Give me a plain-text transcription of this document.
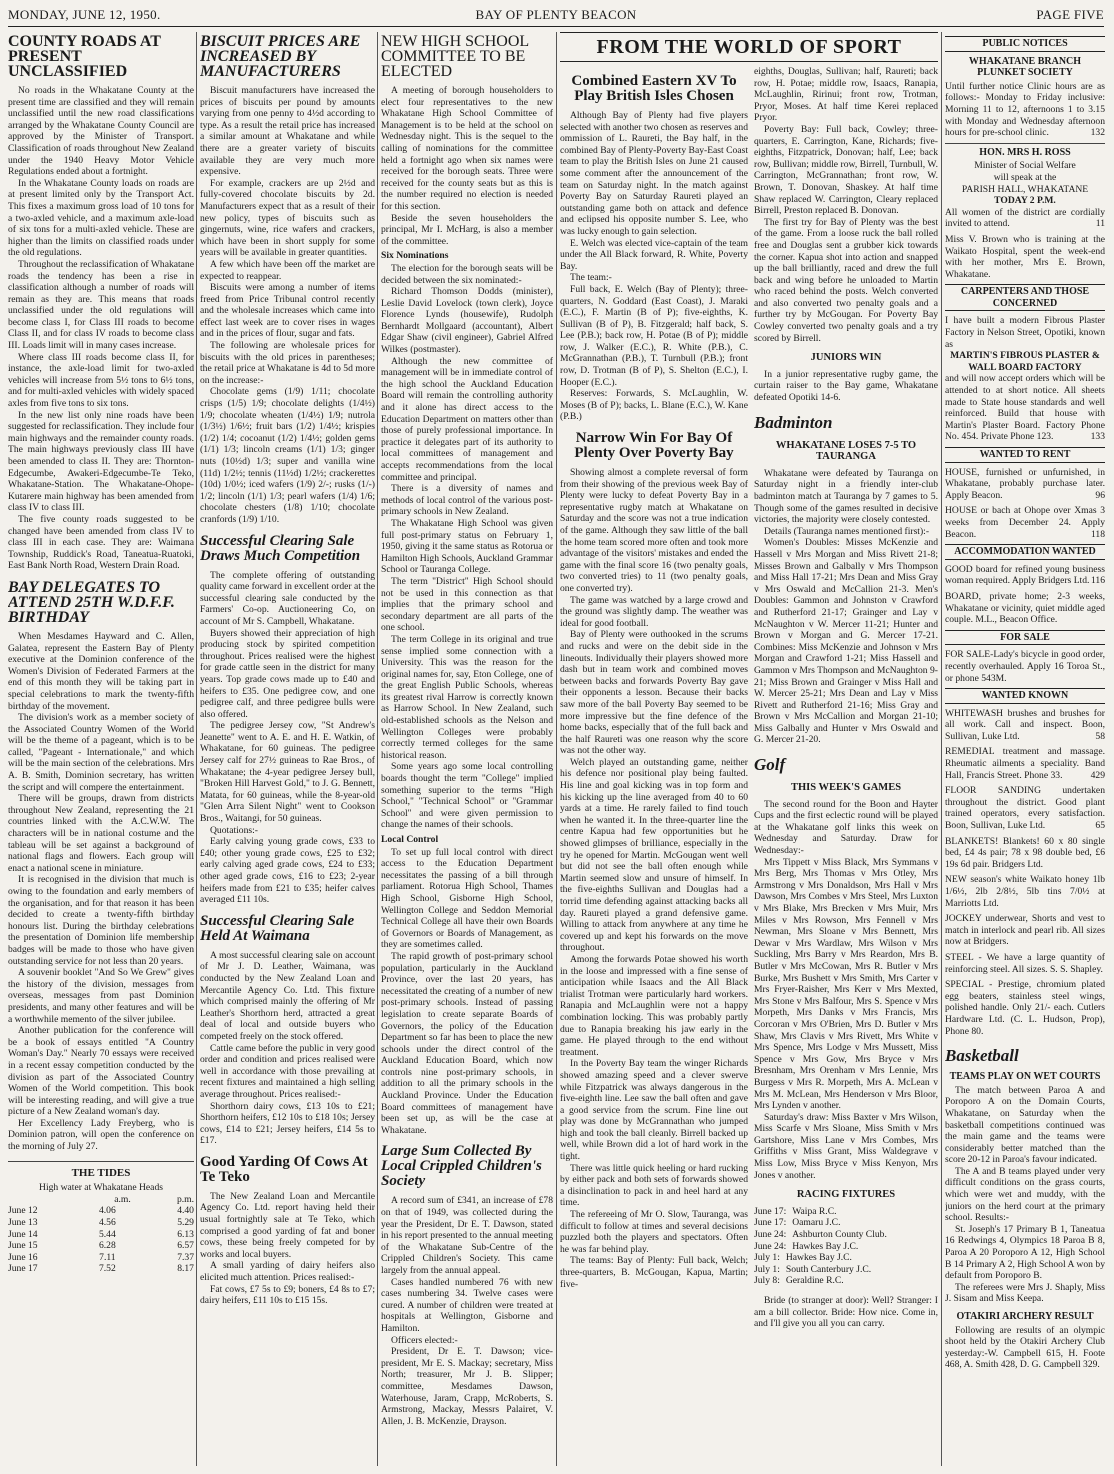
MONDAY, JUNE 12, 1950.	BAY OF PLENTY BEACON	PAGE FIVE
COUNTY ROADS AT PRESENT UNCLASSIFIED

No roads in the Whakatane County at the present time are classified and they will remain unclassified until the new road classifications arranged by the Whakatane County Council are approved by the Minister of Transport. Classification of roads throughout New Zealand under the 1940 Heavy Motor Vehicle Regulations ended about a fortnight.

In the Whakatane County loads on roads are at present limited only by the Transport Act. This fixes a maximum gross load of 10 tons for a two-axled vehicle, and a maximum axle-load of six tons for a multi-axled vehicle. These are higher than the limits on classified roads under the old regulations.

Throughout the reclassification of Whakatane roads the tendency has been a rise in classification although a number of roads will remain as they are. This means that roads unclassified under the old regulations will become class I, for Class III roads to become Class II, and for class IV roads to become class III. Loads limit will in many cases increase.

Where class III roads become class II, for instance, the axle-load limit for two-axled vehicles will increase from 5½ tons to 6½ tons, and for multi-axled vehicles with widely spaced axles from five tons to six tons.

In the new list only nine roads have been suggested for reclassification. They include four main highways and the remainder county roads. The main highways previously class III have been amended to class II. They are: Thornton-Edgecumbe, Awakeri-Edgecumbe-Te Teko, Whakatane-Station. The Whakatane-Ohope-Kutarere main highway has been amended from class IV to class III.

The five county roads suggested to be changed have been amended from class IV to class III in each case. They are: Waimana Township, Ruddick's Road, Taneatua-Ruatoki, East Bank North Road, Western Drain Road.

BAY DELEGATES TO ATTEND 25TH W.D.F.F. BIRTHDAY

When Mesdames Hayward and C. Allen, Galatea, represent the Eastern Bay of Plenty executive at the Dominion conference of the Women's Division of Federated Farmers at the end of this month they will be taking part in special celebrations to mark the twenty-fifth birthday of the movement.

The division's work as a member society of the Associated Country Women of the World will be the theme of a pageant, which is to be called, "Pageant - Internationale," and which will be the main section of the celebrations. Mrs A. B. Smith, Dominion secretary, has written the script and will compere the entertainment.

There will be groups, drawn from districts throughout New Zealand, representing the 21 countries linked with the A.C.W.W. The characters will be in national costume and the tableau will be set against a background of national flags and flowers. Each group will enact a national scene in miniature.

It is recognised in the division that much is owing to the foundation and early members of the organisation, and for that reason it has been decided to create a twenty-fifth birthday honours list. During the birthday celebrations the presentation of Dominion life membership badges will be made to those who have given outstanding service for not less than 20 years.

A souvenir booklet "And So We Grew" gives the history of the division, messages from overseas, messages from past Dominion presidents, and many other features and will be a worthwhile memento of the silver jubilee.

Another publication for the conference will be a book of essays entitled "A Country Woman's Day." Nearly 70 essays were received in a recent essay competition conducted by the division as part of the Associated Country Women of the World competition. This book will be interesting reading, and will give a true picture of a New Zealand woman's day.

Her Excellency Lady Freyberg, who is Dominion patron, will open the conference on the morning of July 27.

THE TIDES
High water at Whakatane Heads
a.m.	p.m.
June 12	4.06	4.40
June 13	4.56	5.29
June 14	5.44	6.13
June 15	6.28	6.57
June 16	7.11	7.37
June 17	7.52	8.17
BISCUIT PRICES ARE INCREASED BY MANUFACTURERS

Biscuit manufacturers have increased the prices of biscuits per pound by amounts varying from one penny to 4½d according to type. As a result the retail price has increased a similar amount at Whakatane and while there are a greater variety of biscuits available they are very much more expensive.

For example, crackers are up 2½d and fully-covered chocolate biscuits by 2d. Manufacturers expect that as a result of their new policy, types of biscuits such as gingernuts, wine, rice wafers and crackers, which have been in short supply for some years will be available in greater quantities.

A few which have been off the market are expected to reappear.

Biscuits were among a number of items freed from Price Tribunal control recently and the wholesale increases which came into effect last week are to cover rises in wages and in the prices of flour, sugar and fats.

The following are wholesale prices for biscuits with the old prices in parentheses; the retail price at Whakatane is 4d to 5d more on the increase:-

Chocolate gems (1/9) 1/11; chocolate crisps (1/5) 1/9; chocolate delights (1/4½) 1/9; chocolate wheaten (1/4½) 1/9; nutrola (1/3½) 1/6½; fruit bars (1/2) 1/4½; krispies (1/2) 1/4; cocoanut (1/2) 1/4½; golden gems (1/1) 1/3; lincoln creams (1/1) 1/3; ginger nuts (10½d) 1/3; super and vanilla wine (11d) 1/2½; tennis (11½d) 1/2½; crackerettes (10d) 1/0½; iced wafers (1/9) 2/-; rusks (1/-) 1/2; lincoln (1/1) 1/3; pearl wafers (1/4) 1/6; chocolate chesters (1/8) 1/10; chocolate cranfords (1/9) 1/10.

Successful Clearing Sale Draws Much Competition

The complete offering of outstanding quality came forward in excellent order at the successful clearing sale conducted by the Farmers' Co-op. Auctioneering Co, on account of Mr S. Campbell, Whakatane.

Buyers showed their appreciation of high producing stock by spirited competition throughout. Prices realised were the highest for grade cattle seen in the district for many years. Top grade cows made up to £40 and heifers to £35. One pedigree cow, and one pedigree calf, and three pedigree bulls were also offered.

The pedigree Jersey cow, "St Andrew's Jeanette" went to A. E. and H. E. Watkin, of Whakatane, for 60 guineas. The pedigree Jersey calf for 27½ guineas to Rae Bros., of Whakatane; the 4-year pedigree Jersey bull, "Broken Hill Harvest Gold," to J. G. Bennett, Matata, for 60 guineas, while the 8-year-old "Glen Arra Silent Night" went to Cookson Bros., Waitangi, for 50 guineas.

Quotations:-

Early calving young grade cows, £33 to £40; other young grade cows, £25 to £32; early calving aged grade cows, £24 to £33; other aged grade cows, £16 to £23; 2-year heifers made from £21 to £35; heifer calves averaged £11 10s.

Successful Clearing Sale Held At Waimana

A most successful clearing sale on account of Mr J. D. Leather, Waimana, was conducted by the New Zealand Loan and Mercantile Agency Co. Ltd. This fixture which comprised mainly the offering of Mr Leather's Shorthorn herd, attracted a great deal of local and outside buyers who competed freely on the stock offered.

Cattle came before the public in very good order and condition and prices realised were well in accordance with those prevailing at recent fixtures and maintained a high selling average throughout. Prices realised:-

Shorthorn dairy cows, £13 10s to £21; Shorthorn heifers, £12 10s to £18 10s; Jersey cows, £14 to £21; Jersey heifers, £14 5s to £17.

Good Yarding Of Cows At Te Teko

The New Zealand Loan and Mercantile Agency Co. Ltd. report having held their usual fortnightly sale at Te Teko, which comprised a good yarding of fat and boner cows, these being freely competed for by works and local buyers.

A small yarding of dairy heifers also elicited much attention. Prices realised:-

Fat cows, £7 5s to £9; boners, £4 8s to £7; dairy heifers, £11 10s to £15 15s.

NEW HIGH SCHOOL COMMITTEE TO BE ELECTED

A meeting of borough householders to elect four representatives to the new Whakatane High School Committee of Management is to be held at the school on Wednesday night. This is the sequel to the calling of nominations for the committee held a fortnight ago when six names were received for the borough seats. Three were received for the county seats but as this is the number required no election is needed for this section.

Beside the seven householders the principal, Mr I. McHarg, is also a member of the committee.

Six Nominations

The election for the borough seats will be decided between the six nominated:-

Richard Thomson Dodds (minister), Leslie David Lovelock (town clerk), Joyce Florence Lynds (housewife), Rudolph Bernhardt Mollgaard (accountant), Albert Edgar Shaw (civil engineer), Gabriel Alfred Wilkes (postmaster).

Although the new committee of management will be in immediate control of the high school the Auckland Education Board will remain the controlling authority and it alone has direct access to the Education Department on matters other than those of purely professional importance. In practice it delegates part of its authority to local committees of management and accepts recommendations from the local committee and principal.

There is a diversity of names and methods of local control of the various post-primary schools in New Zealand.

The Whakatane High School was given full post-primary status on February 1, 1950, giving it the same status as Rotorua or Hamilton High Schools, Auckland Grammar School or Tauranga College.

The term "District" High School should not be used in this connection as that implies that the primary school and secondary department are all parts of the one school.

The term College in its original and true sense implied some connection with a University. This was the reason for the original names for, say, Eton College, one of the great English Public Schools, whereas its greatest rival Harrow is correctly known as Harrow School. In New Zealand, such old-established schools as the Nelson and Wellington Colleges were probably correctly termed colleges for the same historical reason.

Some years ago some local controlling boards thought the term "College" implied something superior to the terms "High School," "Technical School" or "Grammar School" and were given permission to change the names of their schools.

Local Control

To set up full local control with direct access to the Education Department necessitates the passing of a bill through parliament. Rotorua High School, Thames High School, Gisborne High School, Wellington College and Seddon Memorial Technical College all have their own Boards of Governors or Boards of Management, as they are sometimes called.

The rapid growth of post-primary school population, particularly in the Auckland Province, over the last 20 years, has necessitated the creating of a number of new post-primary schools. Instead of passing legislation to create separate Boards of Governors, the policy of the Education Department so far has been to place the new schools under the direct control of the Auckland Education Board, which now controls nine post-primary schools, in addition to all the primary schools in the Auckland Province. Under the Education Board committees of management have been set up, as will be the case at Whakatane.

Large Sum Collected By Local Crippled Children's Society

A record sum of £341, an increase of £78 on that of 1949, was collected during the year the President, Dr E. T. Dawson, stated in his report presented to the annual meeting of the Whakatane Sub-Centre of the Crippled Children's Society. This came largely from the annual appeal.

Cases handled numbered 76 with new cases numbering 34. Twelve cases were cured. A number of children were treated at hospitals at Wellington, Gisborne and Hamilton.

Officers elected:-

President, Dr E. T. Dawson; vice-president, Mr E. S. Mackay; secretary, Miss North; treasurer, Mr J. B. Slipper; committee, Mesdames Dawson, Waterhouse, Jaram, Crapp, McRoberts, S. Armstrong, Mackay, Messrs Palairet, V. Allen, J. B. McKenzie, Drayson.

FROM THE WORLD OF SPORT
Combined Eastern XV To Play British Isles Chosen

Although Bay of Plenty had five players selected with another two chosen as reserves and ommission of L. Raureti, the Bay half, in the combined Bay of Plenty-Poverty Bay-East Coast team to play the British Isles on June 21 caused some comment after the announcement of the team on Saturday night. In the match against Poverty Bay on Saturday Raureti played an outstanding game both on attack and defence and eclipsed his opposite number S. Lee, who was lucky enough to gain selection.

E. Welch was elected vice-captain of the team under the All Black forward, R. White, Poverty Bay.

The team:-

Full back, E. Welch (Bay of Plenty); three-quarters, N. Goddard (East Coast), J. Maraki (E.C.), F. Martin (B of P); five-eighths, K. Sullivan (B of P), B. Fitzgerald; half back, S. Lee (P.B.); back row, H. Potae (B of P); middle row, J. Walker (E.C.), R. White (P.B.), C. McGrannathan (P.B.), T. Turnbull (P.B.); front row, D. Trotman (B of P), S. Shelton (E.C.), I. Hooper (E.C.).

Reserves: Forwards, S. McLaughlin, W. Moses (B of P); backs, L. Blane (E.C.), W. Kane (P.B.)

Narrow Win For Bay Of Plenty Over Poverty Bay

Showing almost a complete reversal of form from their showing of the previous week Bay of Plenty were lucky to defeat Poverty Bay in a representative rugby match at Whakatane on Saturday and the score was not a true indication of the game. Although they saw little of the ball the home team scored more often and took more advantage of the visitors' mistakes and ended the game with the final score 16 (two penalty goals, two converted tries) to 11 (two penalty goals, one converted try).

The game was watched by a large crowd and the ground was slightly damp. The weather was ideal for good football.

Bay of Plenty were outhooked in the scrums and rucks and were on the debit side in the lineouts. Individually their players showed more dash but in team work and combined moves between backs and forwards Poverty Bay gave their opponents a lesson. Because their backs saw more of the ball Poverty Bay seemed to be more impressive but the fine defence of the home backs, especially that of the full back and the half Raureti was one reason why the score was not the other way.

Welch played an outstanding game, neither his defence nor positional play being faulted. His line and goal kicking was in top form and his kicking up the line averaged from 40 to 60 yards at a time. He rarely failed to find touch when he wanted it. In the three-quarter line the centre Kapua had few opportunities but he showed glimpses of brilliance, especially in the try he opened for Martin. McGougan went well but did not see the ball often enough while Martin seemed slow and unsure of himself. In the five-eighths Sullivan and Douglas had a torrid time defending against attacking backs all day. Raureti played a grand defensive game. Willing to attack from anywhere at any time he covered up and kept his forwards on the move throughout.

Among the forwards Potae showed his worth in the loose and impressed with a fine sense of anticipation while Isaacs and the All Black trialist Trotman were particularly hard workers. Ranapia and McLaughlin were not a happy combination locking. This was probably partly due to Ranapia breaking his jaw early in the game. He played through to the end without treatment.

In the Poverty Bay team the winger Richards showed amazing speed and a clever swerve while Fitzpatrick was always dangerous in the five-eighth line. Lee saw the ball often and gave a good service from the scrum. Fine line out play was done by McGrannathan who jumped high and took the ball cleanly. Birrell backed up well, while Brown did a lot of hard work in the tight.

There was little quick heeling or hard rucking by either pack and both sets of forwards showed a disinclination to pack in and heel hard at any time.

The refereeing of Mr O. Slow, Tauranga, was difficult to follow at times and several decisions puzzled both the players and spectators. Often he was far behind play.

The teams: Bay of Plenty: Full back, Welch; three-quarters, B. McGougan, Kapua, Martin; five-

eighths, Douglas, Sullivan; half, Raureti; back row, H. Potae; middle row, Isaacs, Ranapia, McLaughlin, Ririnui; front row, Trotman, Pryor, Moses. At half time Kerei replaced Pryor.

Poverty Bay: Full back, Cowley; three-quarters, E. Carrington, Kane, Richards; five-eighths, Fitzpatrick, Donovan; half, Lee; back row, Bullivan; middle row, Birrell, Turnbull, W. Carrington, McGrannathan; front row, W. Brown, T. Donovan, Shaskey. At half time Shaw replaced W. Carrington, Cleary replaced Birrell, Preston replaced B. Donovan.

The first try for Bay of Plenty was the best of the game. From a loose ruck the ball rolled free and Douglas sent a grubber kick towards the corner. Kapua shot into action and snapped up the ball brilliantly, raced and drew the full back and wing before he unloaded to Martin who raced behind the posts. Welch converted and also converted two penalty goals and a further try by McGougan. For Poverty Bay Cowley converted two penalty goals and a try scored by Birrell.

JUNIORS WIN

In a junior representative rugby game, the curtain raiser to the Bay game, Whakatane defeated Opotiki 14-6.

Badminton
WHAKATANE LOSES 7-5 TO TAURANGA

Whakatane were defeated by Tauranga on Saturday night in a friendly inter-club badminton match at Tauranga by 7 games to 5. Though some of the games resulted in decisive victories, the majority were closely contested.

Details (Tauranga names mentioned first):-

Women's Doubles: Misses McKenzie and Hassell v Mrs Morgan and Miss Rivett 21-8; Misses Brown and Galbally v Mrs Thompson and Miss Hall 17-21; Mrs Dean and Miss Gray v Mrs Oswald and McCallion 21-3. Men's Doubles: Gammon and Johnston v Crawford and Rutherford 21-17; Grainger and Lay v McNaughton v W. Mercer 11-21; Hunter and Brown v Morgan and G. Mercer 17-21. Combines: Miss McKenzie and Johnson v Mrs Morgan and Crawford 1-21; Miss Hassell and Gammon v Mrs Thompson and McNaughton 9-21; Miss Brown and Grainger v Miss Hall and W. Mercer 25-21; Mrs Dean and Lay v Miss Rivett and Rutherford 21-16; Miss Gray and Brown v Mrs McCallion and Morgan 21-10; Miss Galbally and Hunter v Mrs Oswald and G. Mercer 21-20.

Golf
THIS WEEK'S GAMES

The second round for the Boon and Hayter Cups and the first eclectic round will be played at the Whakatane golf links this week on Wednesday and Saturday. Draw for Wednesday:-

Mrs Tippett v Miss Black, Mrs Symmans v Mrs Berg, Mrs Thomas v Mrs Otley, Mrs Armstrong v Mrs Donaldson, Mrs Hall v Mrs Dawson, Mrs Combes v Mrs Steel, Mrs Luxton v Mrs Blake, Mrs Brecken v Mrs Muir, Mrs Miles v Mrs Rowson, Mrs Fennell v Mrs Newman, Mrs Sloane v Mrs Bennett, Mrs Dewar v Mrs Wardlaw, Mrs Wilson v Mrs Suckling, Mrs Barry v Mrs Reardon, Mrs B. Butler v Mrs McCowan, Mrs R. Butler v Mrs Burke, Mrs Bushett v Mrs Smith, Mrs Carter v Mrs Fryer-Raisher, Mrs Kerr v Mrs Mexted, Mrs Stone v Mrs Balfour, Mrs S. Spence v Mrs Morpeth, Mrs Danks v Mrs Francis, Mrs Corcoran v Mrs O'Brien, Mrs D. Butler v Mrs Shaw, Mrs Clavis v Mrs Rivett, Mrs White v Mrs Spence, Mrs Lodge v Mrs Mussett, Miss Spence v Mrs Gow, Mrs Bryce v Mrs Bresnham, Mrs Orenham v Mrs Lennie, Mrs Burgess v Mrs R. Morpeth, Mrs A. McLean v Mrs M. McLean, Mrs Henderson v Mrs Bloor, Mrs Lynden v another.

Saturday's draw: Miss Baxter v Mrs Wilson, Miss Scarfe v Mrs Sloane, Miss Smith v Mrs Gartshore, Miss Lane v Mrs Combes, Mrs Griffiths v Miss Grant, Miss Waldegrave v Miss Low, Miss Bryce v Miss Kenyon, Mrs Jones v another.

RACING FIXTURES
June 17: Waipa R.C.
June 17: Oamaru J.C.
June 24: Ashburton County Club.
June 24: Hawkes Bay J.C.
July 1: Hawkes Bay J.C.
July 1: South Canterbury J.C.
July 8: Geraldine R.C.

Bride (to stranger at door): Well? Stranger: I am a bill collector. Bride: How nice. Come in, and I'll give you all you can carry.

PUBLIC NOTICES
WHAKATANE BRANCH PLUNKET SOCIETY
Until further notice Clinic hours are as follows:- Monday to Friday inclusive: Morning 11 to 12, afternoons 1 to 3.15 with Monday and Wednesday afternoon hours for pre-school clinic.	132
HON. MRS H. ROSS
Minister of Social Welfare
will speak at the
PARISH HALL, WHAKATANE
TODAY 2 P.M.
All women of the district are cordially invited to attend.	11
Miss V. Brown who is training at the Waikato Hospital, spent the week-end with her mother, Mrs E. Brown, Whakatane.
CARPENTERS AND THOSE CONCERNED
I have built a modern Fibrous Plaster Factory in Nelson Street, Opotiki, known as
MARTIN'S FIBROUS PLASTER & WALL BOARD FACTORY
and will now accept orders which will be attended to at short notice. All sheets made to State house standards and well reinforced. Build that house with Martin's Plaster Board. Factory Phone No. 454. Private Phone 123.	133
WANTED TO RENT
HOUSE, furnished or unfurnished, in Whakatane, probably purchase later. Apply Beacon.	96
HOUSE or bach at Ohope over Xmas 3 weeks from December 24. Apply Beacon.	118
ACCOMMODATION WANTED
GOOD board for refined young business woman required. Apply Bridgers Ltd. 116
BOARD, private home; 2-3 weeks, Whakatane or vicinity, quiet middle aged couple. M.L., Beacon Office.
FOR SALE
FOR SALE-Lady's bicycle in good order, recently overhauled. Apply 16 Toroa St., or phone 543M.
WANTED KNOWN
WHITEWASH brushes and brushes for all work. Call and inspect. Boon, Sullivan, Luke Ltd.	58
REMEDIAL treatment and massage. Rheumatic ailments a speciality. Band Hall, Francis Street. Phone 33.	429
FLOOR SANDING undertaken throughout the district. Good plant trained operators, every satisfaction. Boon, Sullivan, Luke Ltd.	65
BLANKETS! Blankets! 60 x 80 single bed, £4 4s pair; 78 x 98 double bed, £6 19s 6d pair. Bridgers Ltd.
NEW season's white Waikato honey 1lb 1/6½, 2lb 2/8½, 5lb tins 7/0½ at Marriotts Ltd.
JOCKEY underwear, Shorts and vest to match in interlock and pearl rib. All sizes now at Bridgers.
STEEL - We have a large quantity of reinforcing steel. All sizes. S. S. Shapley.
SPECIAL - Prestige, chromium plated egg beaters, stainless steel wings, polished handle. Only 21/- each. Cutlers Hardware Ltd. (C. L. Hudson, Prop), Phone 80.
Basketball
TEAMS PLAY ON WET COURTS

The match between Paroa A and Poroporo A on the Domain Courts, Whakatane, on Saturday when the basketball competitions continued was the main game and the teams were considerably better matched than the score 20-12 in Paroa's favour indicated.

The A and B teams played under very difficult conditions on the grass courts, which were wet and muddy, with the juniors on the herd court at the primary school. Results:-

St. Joseph's 17 Primary B 1, Taneatua 16 Redwings 4, Olympics 18 Paroa B 8, Paroa A 20 Poroporo A 12, High School B 14 Primary A 2, High School A won by default from Poroporo B.

The referees were Mrs J. Shaply, Miss J. Sisam and Miss Keepa.

OTAKIRI ARCHERY RESULT

Following are results of an olympic shoot held by the Otakiri Archery Club yesterday:-W. Campbell 615, H. Foote 468, A. Smith 428, D. G. Campbell 329.
